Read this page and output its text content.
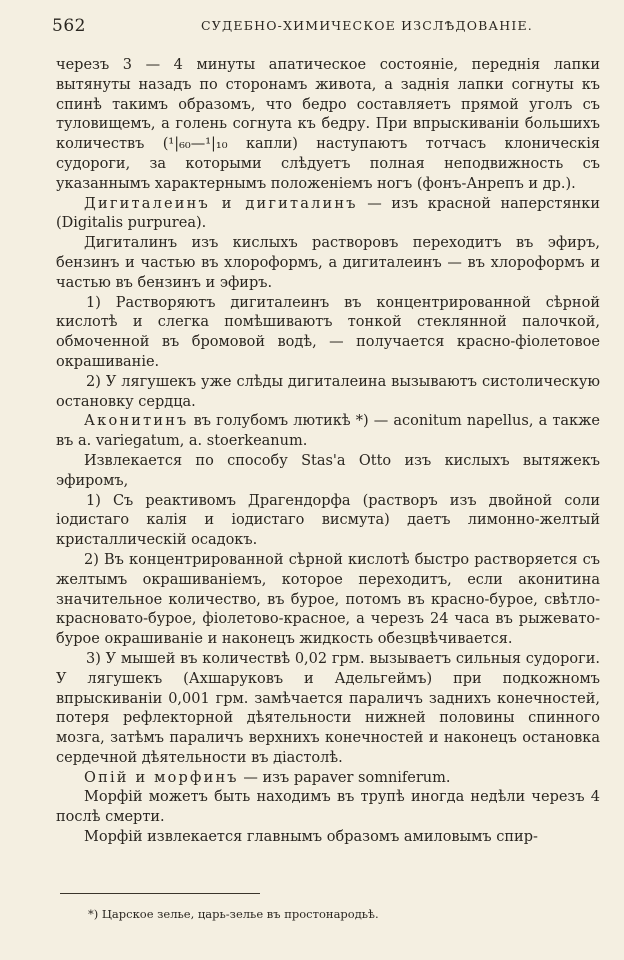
562	СУДЕБНО-ХИМИЧЕСКОЕ ИЗСЛѢДОВАНІЕ.

черезъ 3 — 4 минуты апатическое состояніе, переднія лапки вытянуты назадъ по сторонамъ живота, а заднія лапки согнуты къ спинѣ такимъ образомъ, что бедро составляетъ прямой уголъ съ туловищемъ, а голень согнута къ бедру. При впрыскиваніи большихъ количествъ (¹|₆₀—¹|₁₀ капли) наступаютъ тотчасъ клоническія судороги, за которыми слѣдуетъ полная неподвижность съ указаннымъ характернымъ положеніемъ ногъ (фонъ-Анрепъ и др.).

Дигиталеинъ и дигиталинъ — изъ красной наперстянки (Digitalis purpurea).

Дигиталинъ изъ кислыхъ растворовъ переходитъ въ эфиръ, бензинъ и частью въ хлороформъ, а дигиталеинъ — въ хлороформъ и частью въ бензинъ и эфиръ.

1) Растворяютъ дигиталеинъ въ концентрированной сѣрной кислотѣ и слегка помѣшиваютъ тонкой стеклянной палочкой, обмоченной въ бромовой водѣ, — получается красно-фіолетовое окрашиваніе.

2) У лягушекъ уже слѣды дигиталеина вызываютъ систолическую остановку сердца.

Аконитинъ въ голубомъ лютикѣ *) — aconitum napellus, а также въ a. variegatum, a. stoerkeanum.

Извлекается по способу Stas'a Otto изъ кислыхъ вытяжекъ эфиромъ,

1) Съ реактивомъ Драгендорфа (растворъ изъ двойной соли іодистаго калія и іодистаго висмута) даетъ лимонно-желтый кристаллическій осадокъ.

2) Въ концентрированной сѣрной кислотѣ быстро растворяется съ желтымъ окрашиваніемъ, которое переходитъ, если аконитина значительное количество, въ бурое, потомъ въ красно-бурое, свѣтло-красновато-бурое, фіолетово-красное, а черезъ 24 часа въ рыжевато-бурое окрашиваніе и наконецъ жидкость обезцвѣчивается.

3) У мышей въ количествѣ 0,02 грм. вызываетъ сильныя судороги. У лягушекъ (Ахшаруковъ и Адельгеймъ) при подкожномъ впрыскиваніи 0,001 грм. замѣчается параличъ заднихъ конечностей, потеря рефлекторной дѣятельности нижней половины спинного мозга, затѣмъ параличъ верхнихъ конечностей и наконецъ остановка сердечной дѣятельности въ діастолѣ.

Опій и морфинъ — изъ papaver somniferum.

Морфій можетъ быть находимъ въ трупѣ иногда недѣли черезъ 4 послѣ смерти.

Морфій извлекается главнымъ образомъ амиловымъ спир-

*) Царское зелье, царь-зелье въ простонародьѣ.
